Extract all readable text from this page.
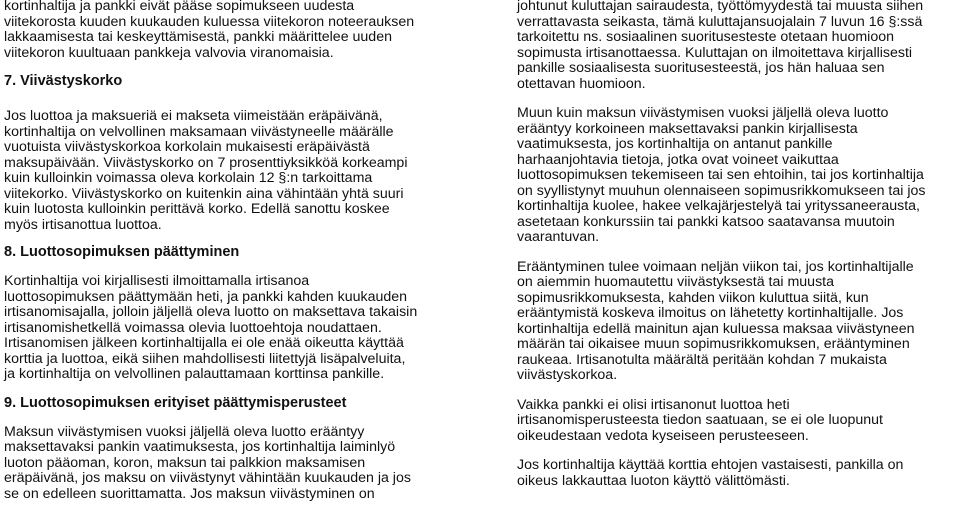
kortinhaltija ja pankki eivät pääse sopimukseen uudesta
viitekorosta kuuden kuukauden kuluessa viitekoron noteerauksen
lakkaamisesta tai keskeyttämisestä, pankki määrittelee uuden
viitekoron kuultuaan pankkeja valvovia viranomaisia.
7. Viivästyskorko
Jos luottoa ja maksueriä ei makseta viimeistään eräpäivänä,
kortinhaltija on velvollinen maksamaan viivästyneelle määrälle
vuotuista viivästyskorkoa korkolain mukaisesti eräpäivästä
maksupäivään. Viivästyskorko on 7 prosenttiyksikköä korkeampi
kuin kulloinkin voimassa oleva korkolain 12 §:n tarkoittama
viitekorko. Viivästyskorko on kuitenkin aina vähintään yhtä suuri
kuin luotosta kulloinkin perittävä korko. Edellä sanottu koskee
myös irtisanottua luottoa.
8. Luottosopimuksen päättyminen
Kortinhaltija voi kirjallisesti ilmoittamalla irtisanoa
luottosopimuksen päättymään heti, ja pankki kahden kuukauden
irtisanomisajalla, jolloin jäljellä oleva luotto on maksettava takaisin
irtisanomishetkellä voimassa olevia luottoehtoja noudattaen.
Irtisanomisen jälkeen kortinhaltijalla ei ole enää oikeutta käyttää
korttia ja luottoa, eikä siihen mahdollisesti liitettyjä lisäpalveluita,
ja kortinhaltija on velvollinen palauttamaan korttinsa pankille.
9. Luottosopimuksen erityiset päättymisperusteet
Maksun viivästymisen vuoksi jäljellä oleva luotto erääntyy
maksettavaksi pankin vaatimuksesta, jos kortinhaltija laiminlyö
luoton pääoman, koron, maksun tai palkkion maksamisen
eräpäivänä, jos maksu on viivästynyt vähintään kuukauden ja jos
se on edelleen suorittamatta. Jos maksun viivästyminen on
johtunut kuluttajan sairaudesta, työttömyydestä tai muusta siihen
verrattavasta seikasta, tämä kuluttajansuojalain 7 luvun 16 §:ssä
tarkoitettu ns. sosiaalinen suoritusesteste otetaan huomioon
sopimusta irtisanottaessa. Kuluttajan on ilmoitettava kirjallisesti
pankille sosiaalisesta suoritusesteestä, jos hän haluaa sen
otettavan huomioon.
Muun kuin maksun viivästymisen vuoksi jäljellä oleva luotto
erääntyy korkoineen maksettavaksi pankin kirjallisesta
vaatimuksesta, jos kortinhaltija on antanut pankille
harhaanjohtavia tietoja, jotka ovat voineet vaikuttaa
luottosopimuksen tekemiseen tai sen ehtoihin, tai jos kortinhaltija
on syyllistynyt muuhun olennaiseen sopimusrikkomukseen tai jos
kortinhaltija kuolee, hakee velkajärjestelyä tai yrityssaneerausta,
asetetaan konkurssiin tai pankki katsoo saatavansa muutoin
vaarantuvan.
Erääntyminen tulee voimaan neljän viikon tai, jos kortinhaltijalle
on aiemmin huomautettu viivästyksestä tai muusta
sopimusrikkomuksesta, kahden viikon kuluttua siitä, kun
erääntymistä koskeva ilmoitus on lähetetty kortinhaltijalle. Jos
kortinhaltija edellä mainitun ajan kuluessa maksaa viivästyneen
määrän tai oikaisee muun sopimusrikkomuksen, erääntyminen
raukeaa. Irtisanotulta määrältä peritään kohdan 7 mukaista
viivästyskorkoa.
Vaikka pankki ei olisi irtisanonut luottoa heti
irtisanomisperusteesta tiedon saatuaan, se ei ole luopunut
oikeudestaan vedota kyseiseen perusteeseen.
Jos kortinhaltija käyttää korttia ehtojen vastaisesti, pankilla on
oikeus lakkauttaa luoton käyttö välittömästi.
